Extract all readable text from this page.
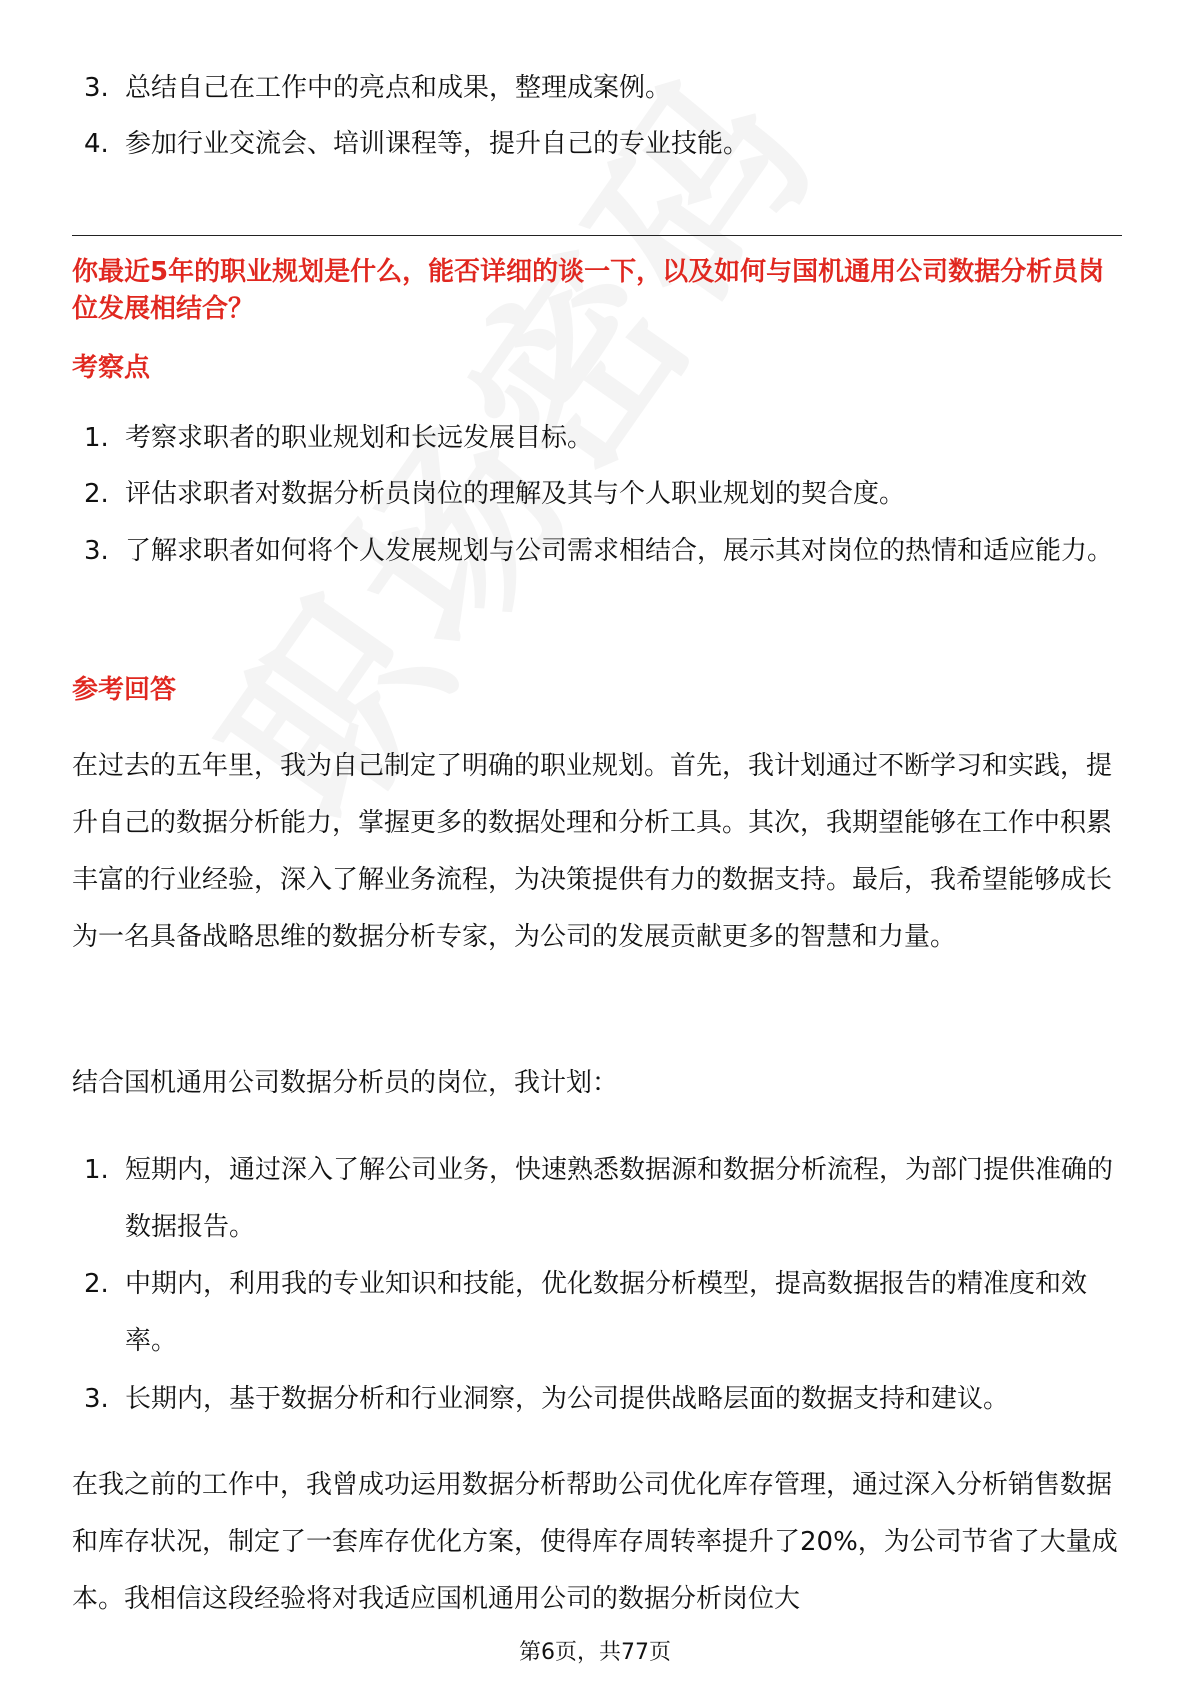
3. 总结自己在工作中的亮点和成果，整理成案例。
4. 参加行业交流会、培训课程等，提升自己的专业技能。
你最近5年的职业规划是什么，能否详细的谈一下，以及如何与国机通用公司数据分析员岗位发展相结合？
考察点
1. 考察求职者的职业规划和长远发展目标。
2. 评估求职者对数据分析员岗位的理解及其与个人职业规划的契合度。
3. 了解求职者如何将个人发展规划与公司需求相结合，展示其对岗位的热情和适应能力。
参考回答
在过去的五年里，我为自己制定了明确的职业规划。首先，我计划通过不断学习和实践，提升自己的数据分析能力，掌握更多的数据处理和分析工具。其次，我期望能够在工作中积累丰富的行业经验，深入了解业务流程，为决策提供有力的数据支持。最后，我希望能够成长为一名具备战略思维的数据分析专家，为公司的发展贡献更多的智慧和力量。
结合国机通用公司数据分析员的岗位，我计划：
1. 短期内，通过深入了解公司业务，快速熟悉数据源和数据分析流程，为部门提供准确的数据报告。
2. 中期内，利用我的专业知识和技能，优化数据分析模型，提高数据报告的精准度和效率。
3. 长期内，基于数据分析和行业洞察，为公司提供战略层面的数据支持和建议。
在我之前的工作中，我曾成功运用数据分析帮助公司优化库存管理，通过深入分析销售数据和库存状况，制定了一套库存优化方案，使得库存周转率提升了20%，为公司节省了大量成本。我相信这段经验将对我适应国机通用公司的数据分析岗位大
第6页，共77页
